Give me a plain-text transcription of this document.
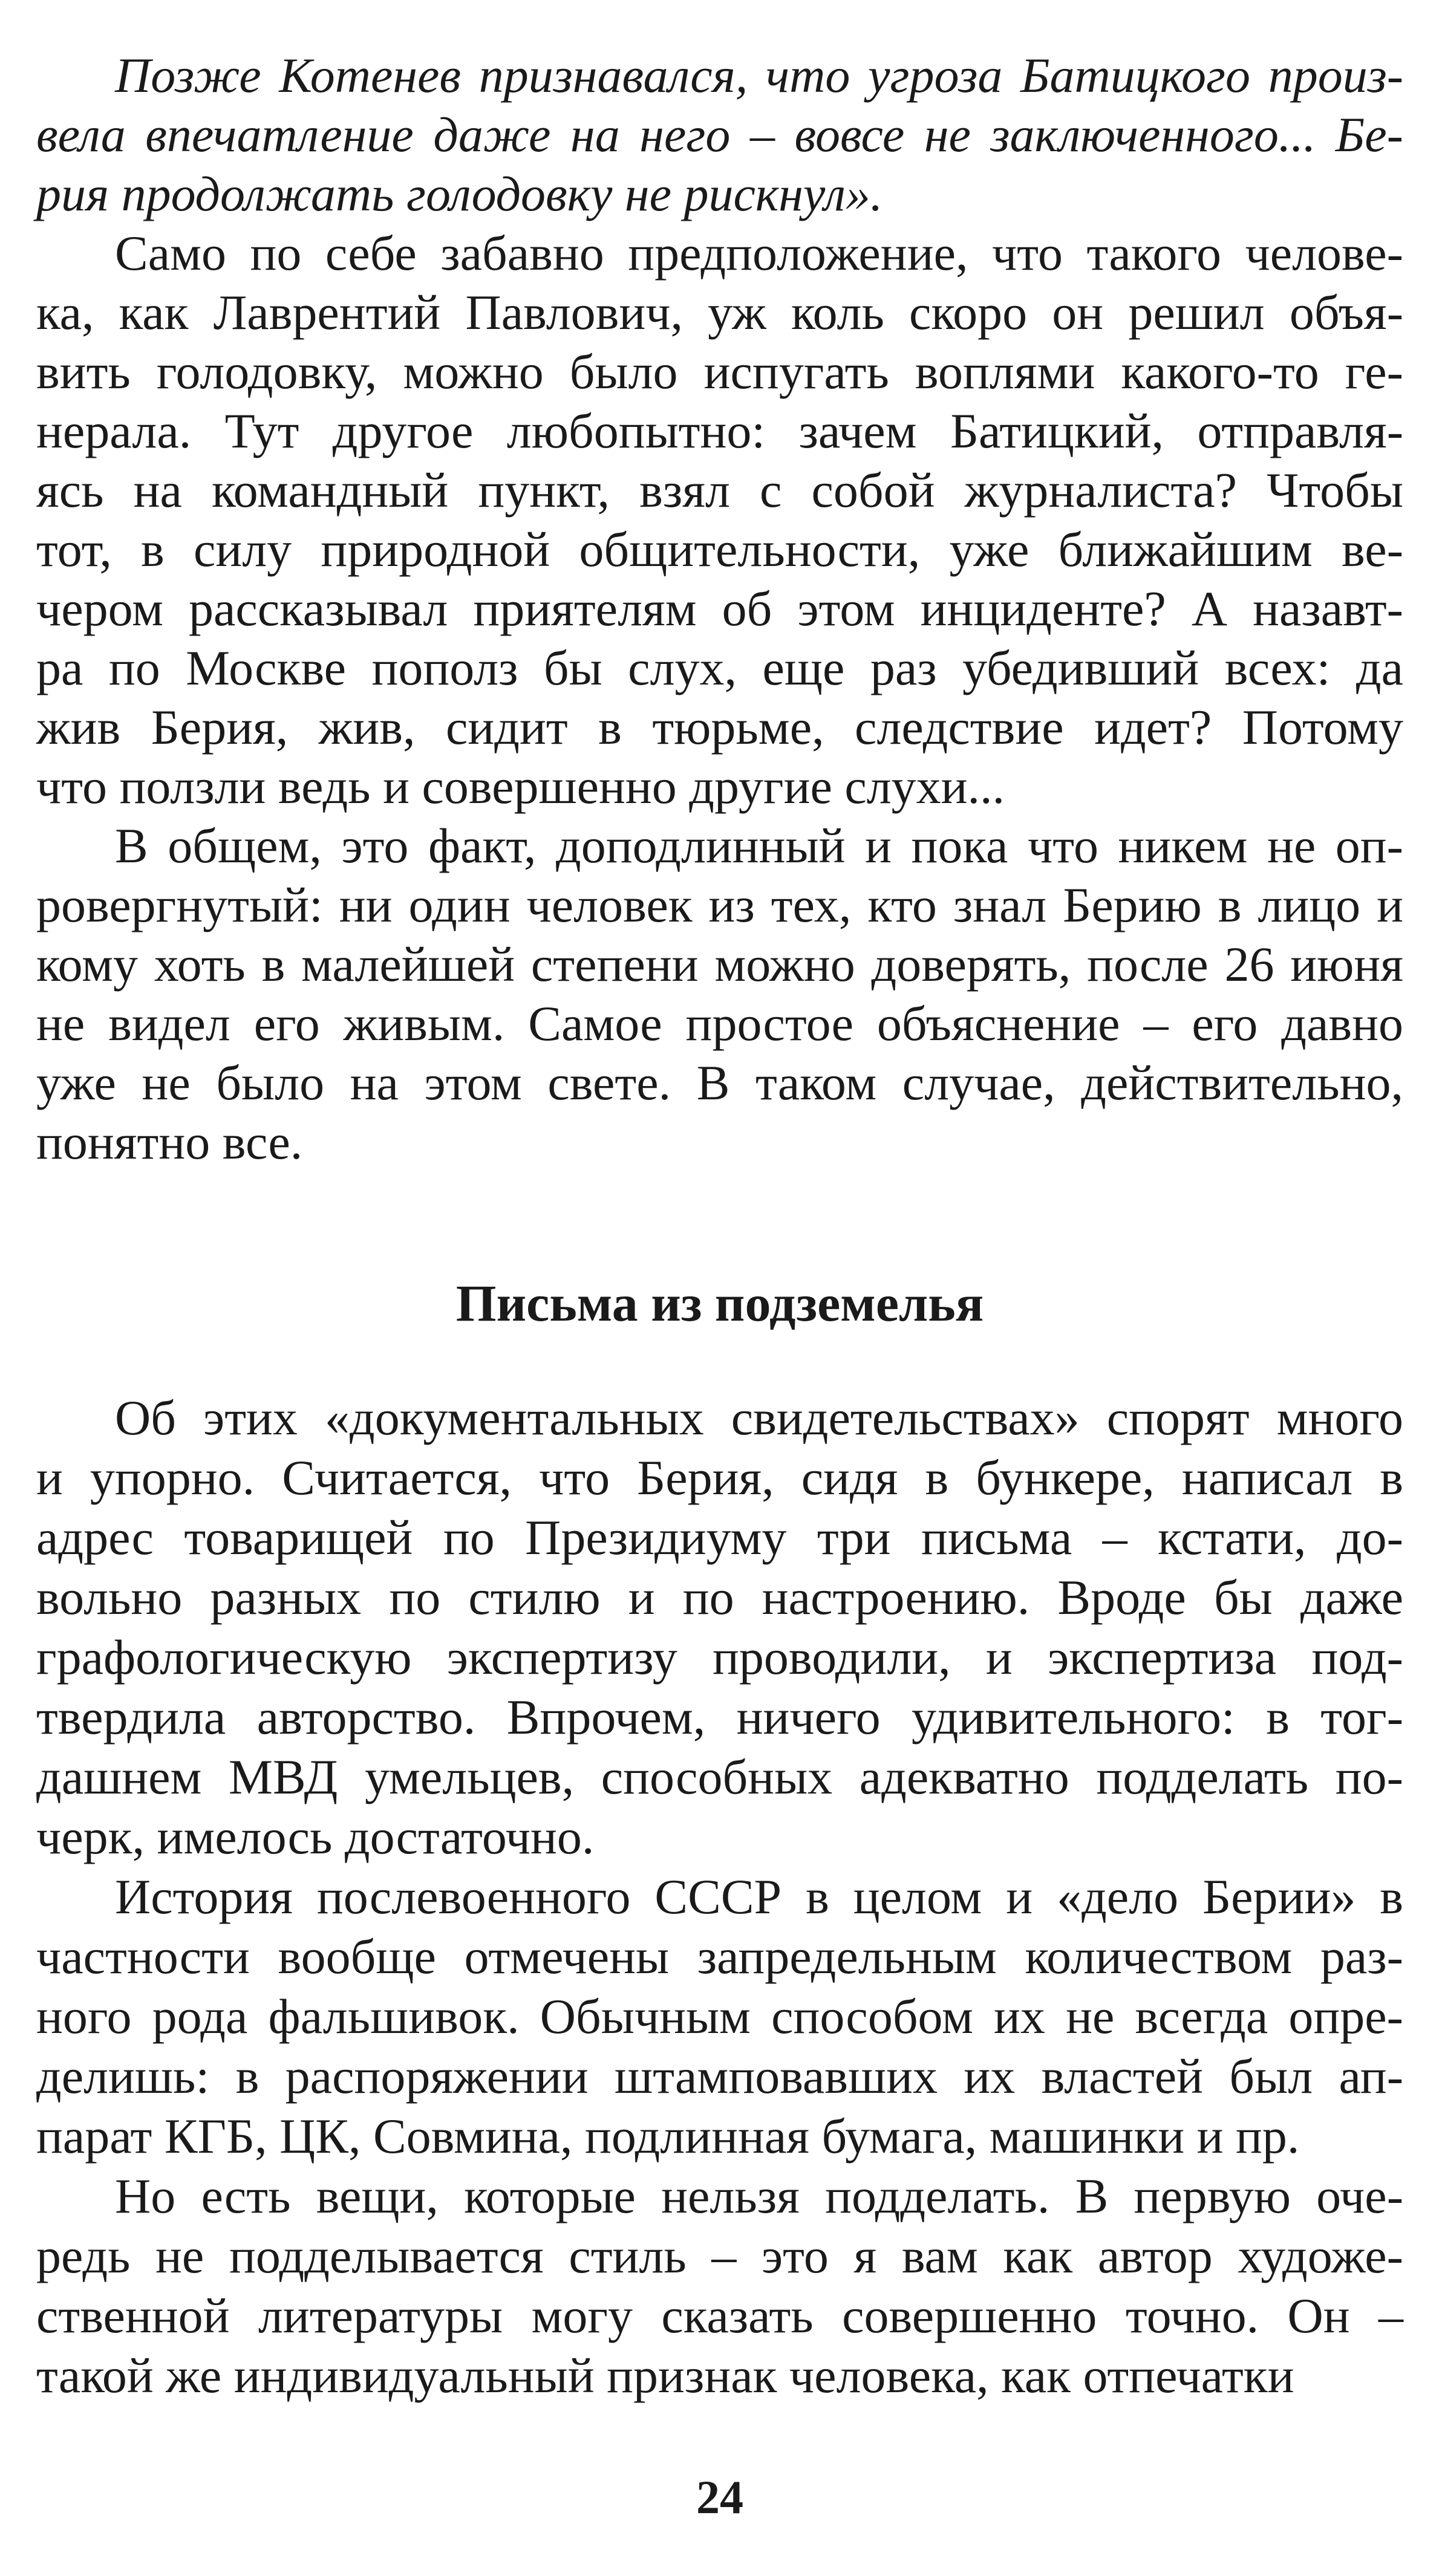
Позже Котенев признавался, что угроза Батицкого произ-
вела впечатление даже на него – вовсе не заключенного... Бе-
рия продолжать голодовку не рискнул».
Само по себе забавно предположение, что такого челове-
ка, как Лаврентий Павлович, уж коль скоро он решил объя-
вить голодовку, можно было испугать воплями какого-то ге-
нерала. Тут другое любопытно: зачем Батицкий, отправля-
ясь на командный пункт, взял с собой журналиста? Чтобы
тот, в силу природной общительности, уже ближайшим ве-
чером рассказывал приятелям об этом инциденте? А назавт-
ра по Москве пополз бы слух, еще раз убедивший всех: да
жив Берия, жив, сидит в тюрьме, следствие идет? Потому
что ползли ведь и совершенно другие слухи...
В общем, это факт, доподлинный и пока что никем не оп-
ровергнутый: ни один человек из тех, кто знал Берию в лицо и
кому хоть в малейшей степени можно доверять, после 26 июня
не видел его живым. Самое простое объяснение – его давно
уже не было на этом свете. В таком случае, действительно,
понятно все.
Письма из подземелья
Об этих «документальных свидетельствах» спорят много
и упорно. Считается, что Берия, сидя в бункере, написал в
адрес товарищей по Президиуму три письма – кстати, до-
вольно разных по стилю и по настроению. Вроде бы даже
графологическую экспертизу проводили, и экспертиза под-
твердила авторство. Впрочем, ничего удивительного: в тог-
дашнем МВД умельцев, способных адекватно подделать по-
черк, имелось достаточно.
История послевоенного СССР в целом и «дело Берии» в
частности вообще отмечены запредельным количеством раз-
ного рода фальшивок. Обычным способом их не всегда опре-
делишь: в распоряжении штамповавших их властей был ап-
парат КГБ, ЦК, Совмина, подлинная бумага, машинки и пр.
Но есть вещи, которые нельзя подделать. В первую оче-
редь не подделывается стиль – это я вам как автор художе-
ственной литературы могу сказать совершенно точно. Он –
такой же индивидуальный признак человека, как отпечатки
24
